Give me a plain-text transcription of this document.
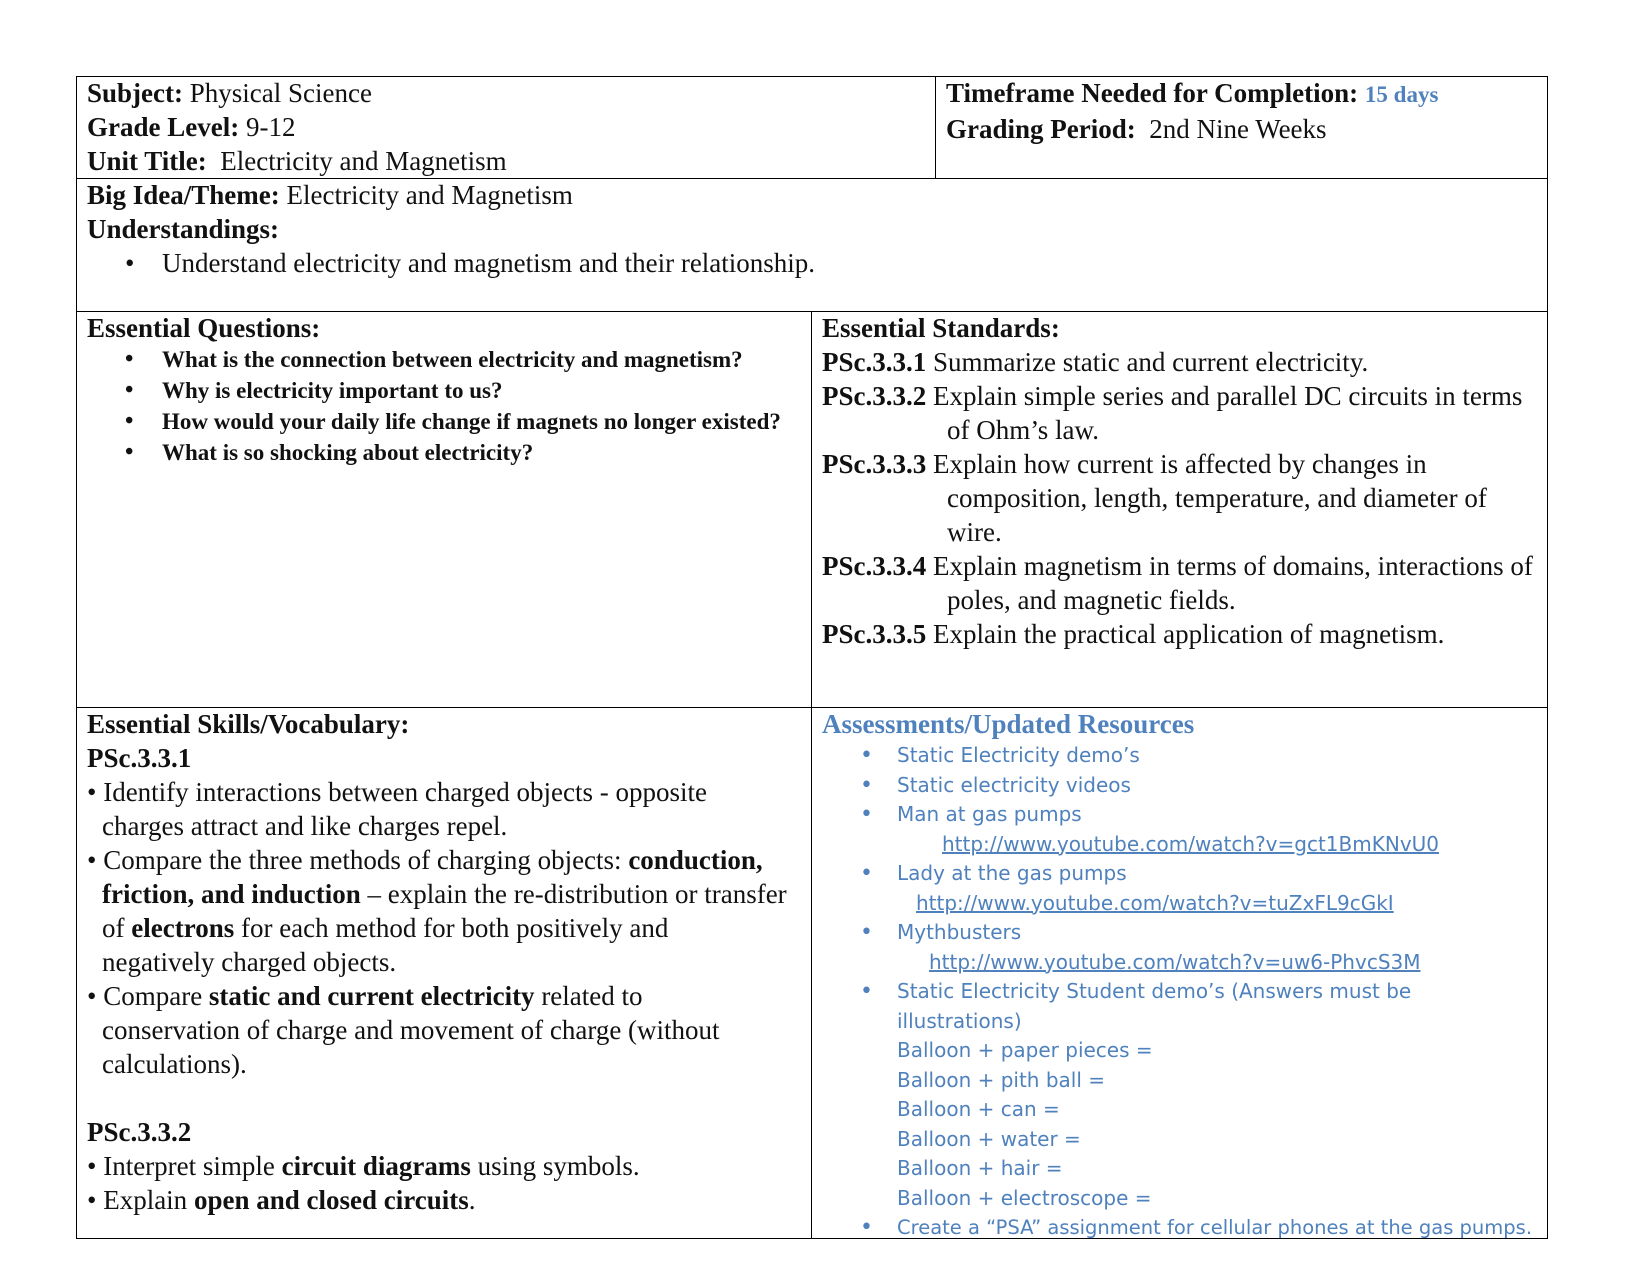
Subject: Physical Science
Grade Level: 9-12
Unit Title: Electricity and Magnetism
Timeframe Needed for Completion: 15 days
Grading Period: 2nd Nine Weeks
Big Idea/Theme: Electricity and Magnetism
Understandings:
• Understand electricity and magnetism and their relationship.
Essential Questions:
• What is the connection between electricity and magnetism?
• Why is electricity important to us?
• How would your daily life change if magnets no longer existed?
• What is so shocking about electricity?
Essential Standards:
PSc.3.3.1 Summarize static and current electricity.
PSc.3.3.2 Explain simple series and parallel DC circuits in terms of Ohm’s law.
PSc.3.3.3 Explain how current is affected by changes in composition, length, temperature, and diameter of wire.
PSc.3.3.4 Explain magnetism in terms of domains, interactions of poles, and magnetic fields.
PSc.3.3.5 Explain the practical application of magnetism.
Essential Skills/Vocabulary:
PSc.3.3.1
• Identify interactions between charged objects - opposite charges attract and like charges repel.
• Compare the three methods of charging objects: conduction, friction, and induction – explain the re-distribution or transfer of electrons for each method for both positively and negatively charged objects.
• Compare static and current electricity related to conservation of charge and movement of charge (without calculations).
PSc.3.3.2
• Interpret simple circuit diagrams using symbols.
• Explain open and closed circuits.
Assessments/Updated Resources
• Static Electricity demo’s
• Static electricity videos
• Man at gas pumps
http://www.youtube.com/watch?v=gct1BmKNvU0
• Lady at the gas pumps
http://www.youtube.com/watch?v=tuZxFL9cGkI
• Mythbusters
http://www.youtube.com/watch?v=uw6-PhvcS3M
• Static Electricity Student demo’s (Answers must be illustrations)
Balloon + paper pieces =
Balloon + pith ball =
Balloon + can =
Balloon + water =
Balloon + hair =
Balloon + electroscope =
• Create a “PSA” assignment for cellular phones at the gas pumps.
